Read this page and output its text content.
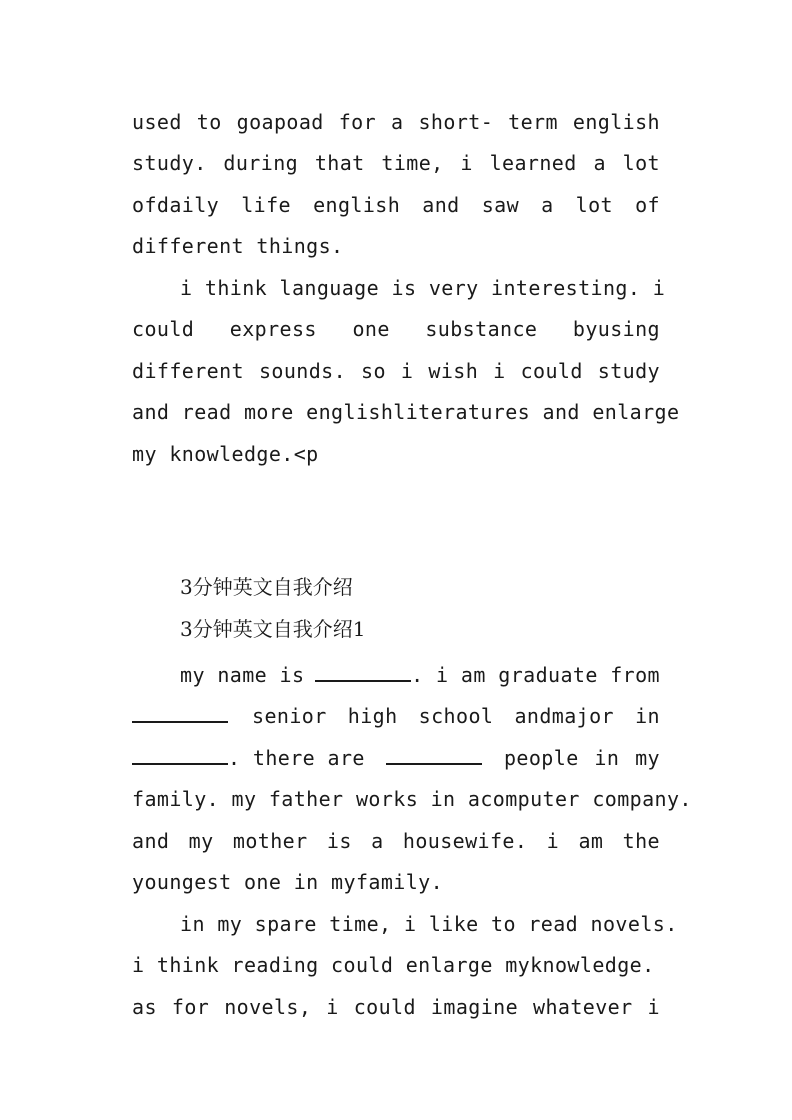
used to goapoad for a short- term english
study. during that time, i learned a lot
ofdaily life english and saw a lot of
different things.
i think language is very interesting. i
could express one substance byusing
different sounds. so i wish i could study
and read more englishliteratures and enlarge
my knowledge.<p
3分钟英文自我介绍
3分钟英文自我介绍1
my name is	. i am graduate from
senior high school andmajor in
. there are	people in my
family. my father works in acomputer company.
and my mother is a housewife. i am the
youngest one in myfamily.
in my spare time, i like to read novels.
i think reading could enlarge myknowledge.
as for novels, i could imagine whatever i
